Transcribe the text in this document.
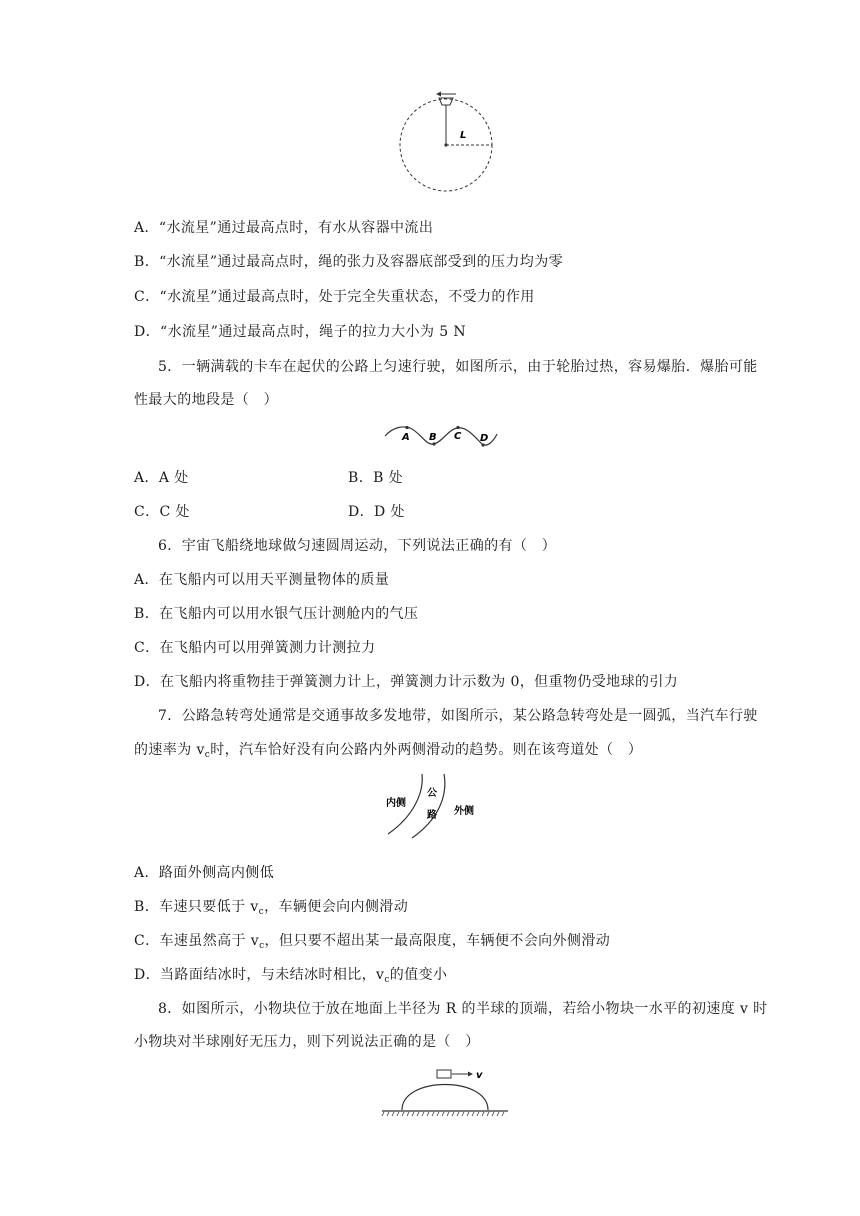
L
A．“水流星”通过最高点时，有水从容器中流出
B．“水流星”通过最高点时，绳的张力及容器底部受到的压力均为零
C．“水流星”通过最高点时，处于完全失重状态，不受力的作用
D．“水流星”通过最高点时，绳子的拉力大小为 5 N
5．一辆满载的卡车在起伏的公路上匀速行驶，如图所示，由于轮胎过热，容易爆胎．爆胎可能
性最大的地段是（　）
A B C D
A．A 处	B．B 处
C．C 处	D．D 处
6．宇宙飞船绕地球做匀速圆周运动，下列说法正确的有（　）
A．在飞船内可以用天平测量物体的质量
B．在飞船内可以用水银气压计测舱内的气压
C．在飞船内可以用弹簧测力计测拉力
D．在飞船内将重物挂于弹簧测力计上，弹簧测力计示数为 0，但重物仍受地球的引力
7．公路急转弯处通常是交通事故多发地带，如图所示，某公路急转弯处是一圆弧，当汽车行驶
的速率为 $v_c$时，汽车恰好没有向公路内外两侧滑动的趋势。则在该弯道处（　）
内侧
公
路 外侧
A．路面外侧高内侧低
B．车速只要低于 $v_c$，车辆便会向内侧滑动
C．车速虽然高于 $v_c$，但只要不超出某一最高限度，车辆便不会向外侧滑动
D．当路面结冰时，与未结冰时相比，$v_c$的值变小
8．如图所示，小物块位于放在地面上半径为 R 的半球的顶端，若给小物块一水平的初速度 v 时
小物块对半球刚好无压力，则下列说法正确的是（　）
v
